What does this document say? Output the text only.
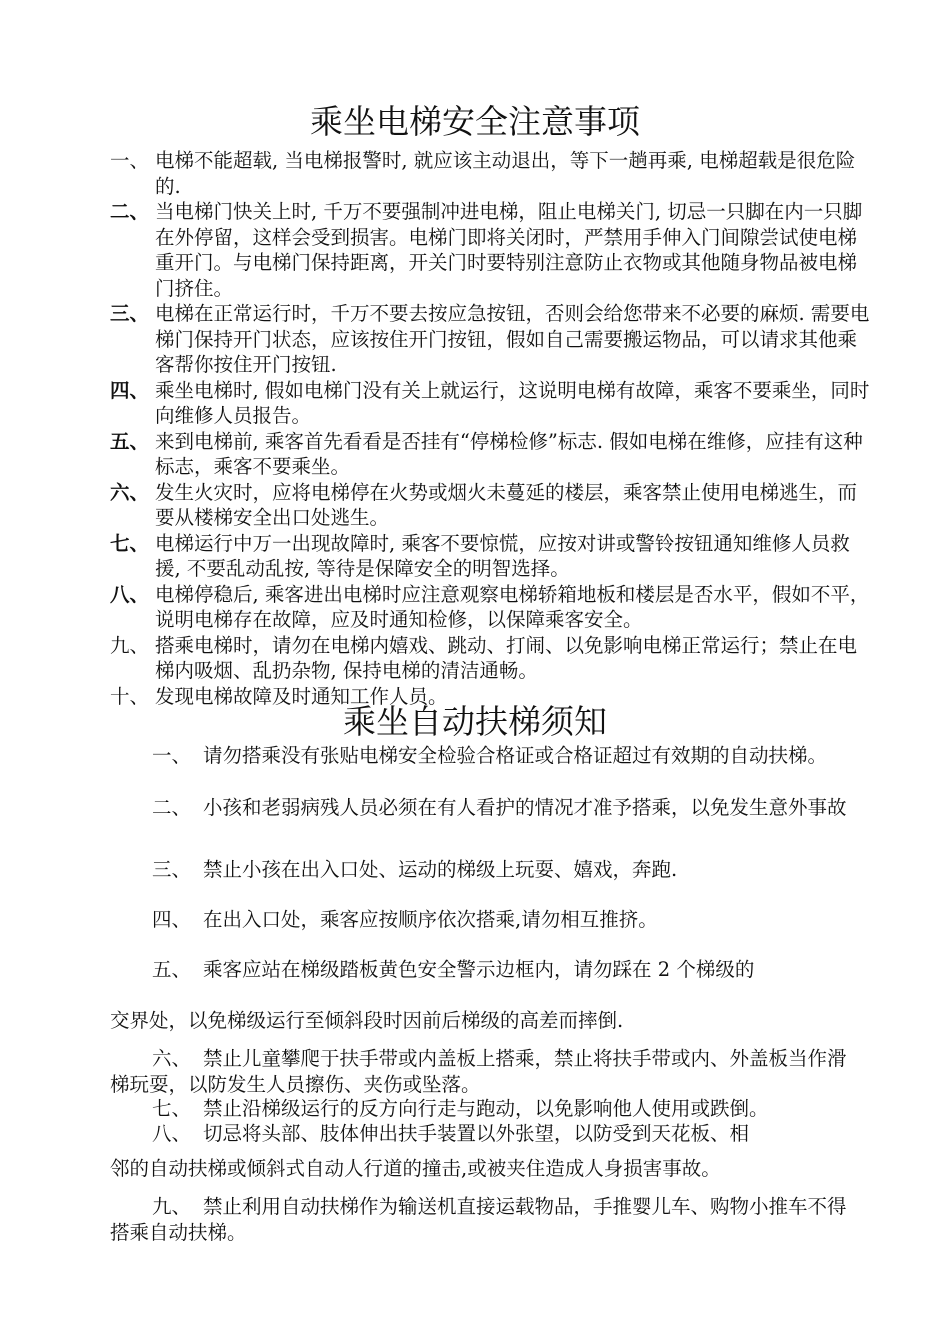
乘坐电梯安全注意事项
一、 电梯不能超载, 当电梯报警时, 就应该主动退出，等下一趟再乘, 电梯超载是很危险的.
二、 当电梯门快关上时, 千万不要强制冲进电梯，阻止电梯关门, 切忌一只脚在内一只脚在外停留，这样会受到损害。电梯门即将关闭时，严禁用手伸入门间隙尝试使电梯重开门。与电梯门保持距离，开关门时要特别注意防止衣物或其他随身物品被电梯门挤住。
三、 电梯在正常运行时，千万不要去按应急按钮，否则会给您带来不必要的麻烦. 需要电梯门保持开门状态，应该按住开门按钮，假如自己需要搬运物品，可以请求其他乘客帮你按住开门按钮.
四、 乘坐电梯时, 假如电梯门没有关上就运行，这说明电梯有故障，乘客不要乘坐，同时向维修人员报告。
五、 来到电梯前, 乘客首先看看是否挂有“停梯检修”标志. 假如电梯在维修，应挂有这种标志，乘客不要乘坐。
六、 发生火灾时，应将电梯停在火势或烟火未蔓延的楼层，乘客禁止使用电梯逃生，而要从楼梯安全出口处逃生。
七、 电梯运行中万一出现故障时, 乘客不要惊慌，应按对讲或警铃按钮通知维修人员救援, 不要乱动乱按, 等待是保障安全的明智选择。
八、 电梯停稳后, 乘客进出电梯时应注意观察电梯轿箱地板和楼层是否水平，假如不平，说明电梯存在故障，应及时通知检修，以保障乘客安全。
九、 搭乘电梯时，请勿在电梯内嬉戏、跳动、打闹、以免影响电梯正常运行；禁止在电梯内吸烟、乱扔杂物, 保持电梯的清洁通畅。
十、 发现电梯故障及时通知工作人员。
乘坐自动扶梯须知
一、 请勿搭乘没有张贴电梯安全检验合格证或合格证超过有效期的自动扶梯。
二、 小孩和老弱病残人员必须在有人看护的情况才准予搭乘，以免发生意外事故
三、 禁止小孩在出入口处、运动的梯级上玩耍、嬉戏，奔跑.
四、 在出入口处，乘客应按顺序依次搭乘,请勿相互推挤。
五、 乘客应站在梯级踏板黄色安全警示边框内，请勿踩在 2 个梯级的
交界处，以免梯级运行至倾斜段时因前后梯级的高差而摔倒.
六、 禁止儿童攀爬于扶手带或内盖板上搭乘，禁止将扶手带或内、外盖板当作滑梯玩耍，以防发生人员擦伤、夹伤或坠落。
七、 禁止沿梯级运行的反方向行走与跑动，以免影响他人使用或跌倒。
八、 切忌将头部、肢体伸出扶手装置以外张望，以防受到天花板、相
邻的自动扶梯或倾斜式自动人行道的撞击,或被夹住造成人身损害事故。
九、 禁止利用自动扶梯作为输送机直接运载物品，手推婴儿车、购物小推车不得搭乘自动扶梯。
